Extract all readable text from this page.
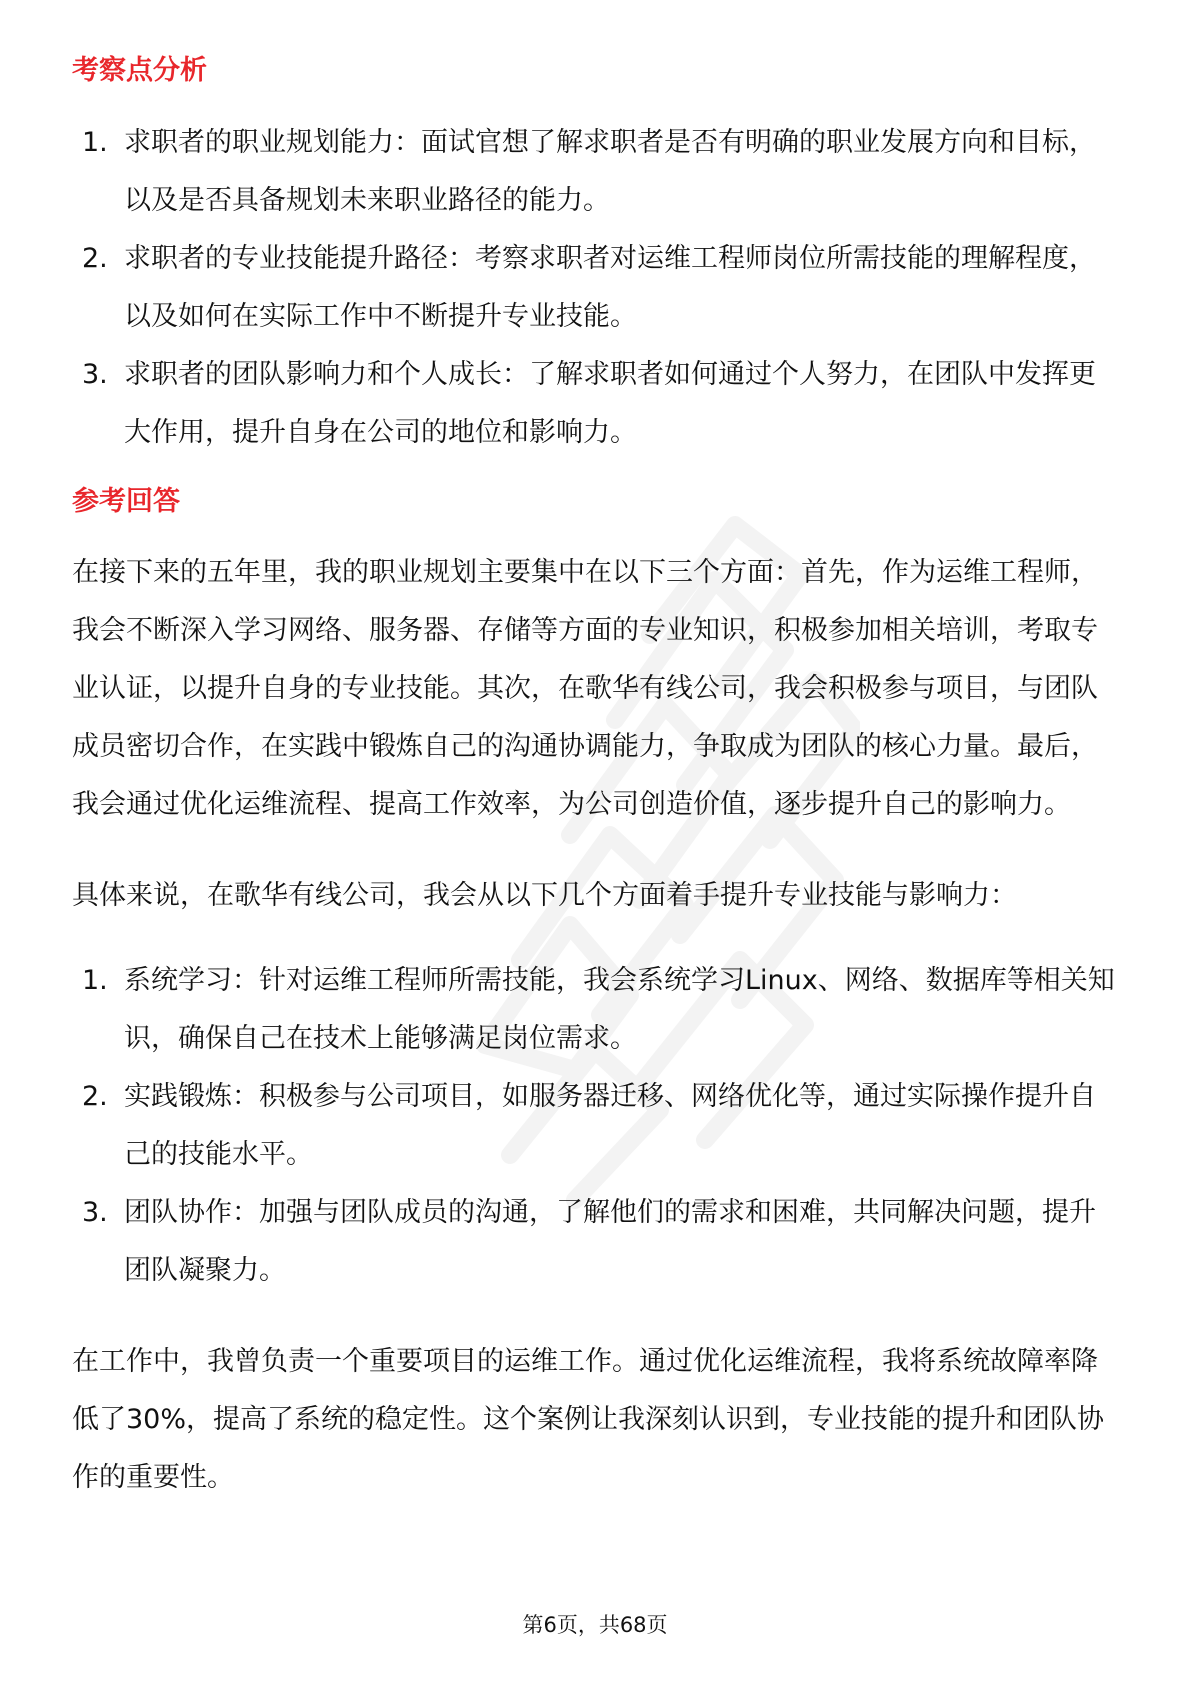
考察点分析
1. 求职者的职业规划能力：面试官想了解求职者是否有明确的职业发展方向和目标，以及是否具备规划未来职业路径的能力。
2. 求职者的专业技能提升路径：考察求职者对运维工程师岗位所需技能的理解程度，以及如何在实际工作中不断提升专业技能。
3. 求职者的团队影响力和个人成长：了解求职者如何通过个人努力，在团队中发挥更大作用，提升自身在公司的地位和影响力。
参考回答

在接下来的五年里，我的职业规划主要集中在以下三个方面：首先，作为运维工程师，我会不断深入学习网络、服务器、存储等方面的专业知识，积极参加相关培训，考取专业认证，以提升自身的专业技能。其次，在歌华有线公司，我会积极参与项目，与团队成员密切合作，在实践中锻炼自己的沟通协调能力，争取成为团队的核心力量。最后，我会通过优化运维流程、提高工作效率，为公司创造价值，逐步提升自己的影响力。

具体来说，在歌华有线公司，我会从以下几个方面着手提升专业技能与影响力：

1. 系统学习：针对运维工程师所需技能，我会系统学习Linux、网络、数据库等相关知识，确保自己在技术上能够满足岗位需求。
2. 实践锻炼：积极参与公司项目，如服务器迁移、网络优化等，通过实际操作提升自己的技能水平。
3. 团队协作：加强与团队成员的沟通，了解他们的需求和困难，共同解决问题，提升团队凝聚力。

在工作中，我曾负责一个重要项目的运维工作。通过优化运维流程，我将系统故障率降低了30%，提高了系统的稳定性。这个案例让我深刻认识到，专业技能的提升和团队协作的重要性。

第6页，共68页
